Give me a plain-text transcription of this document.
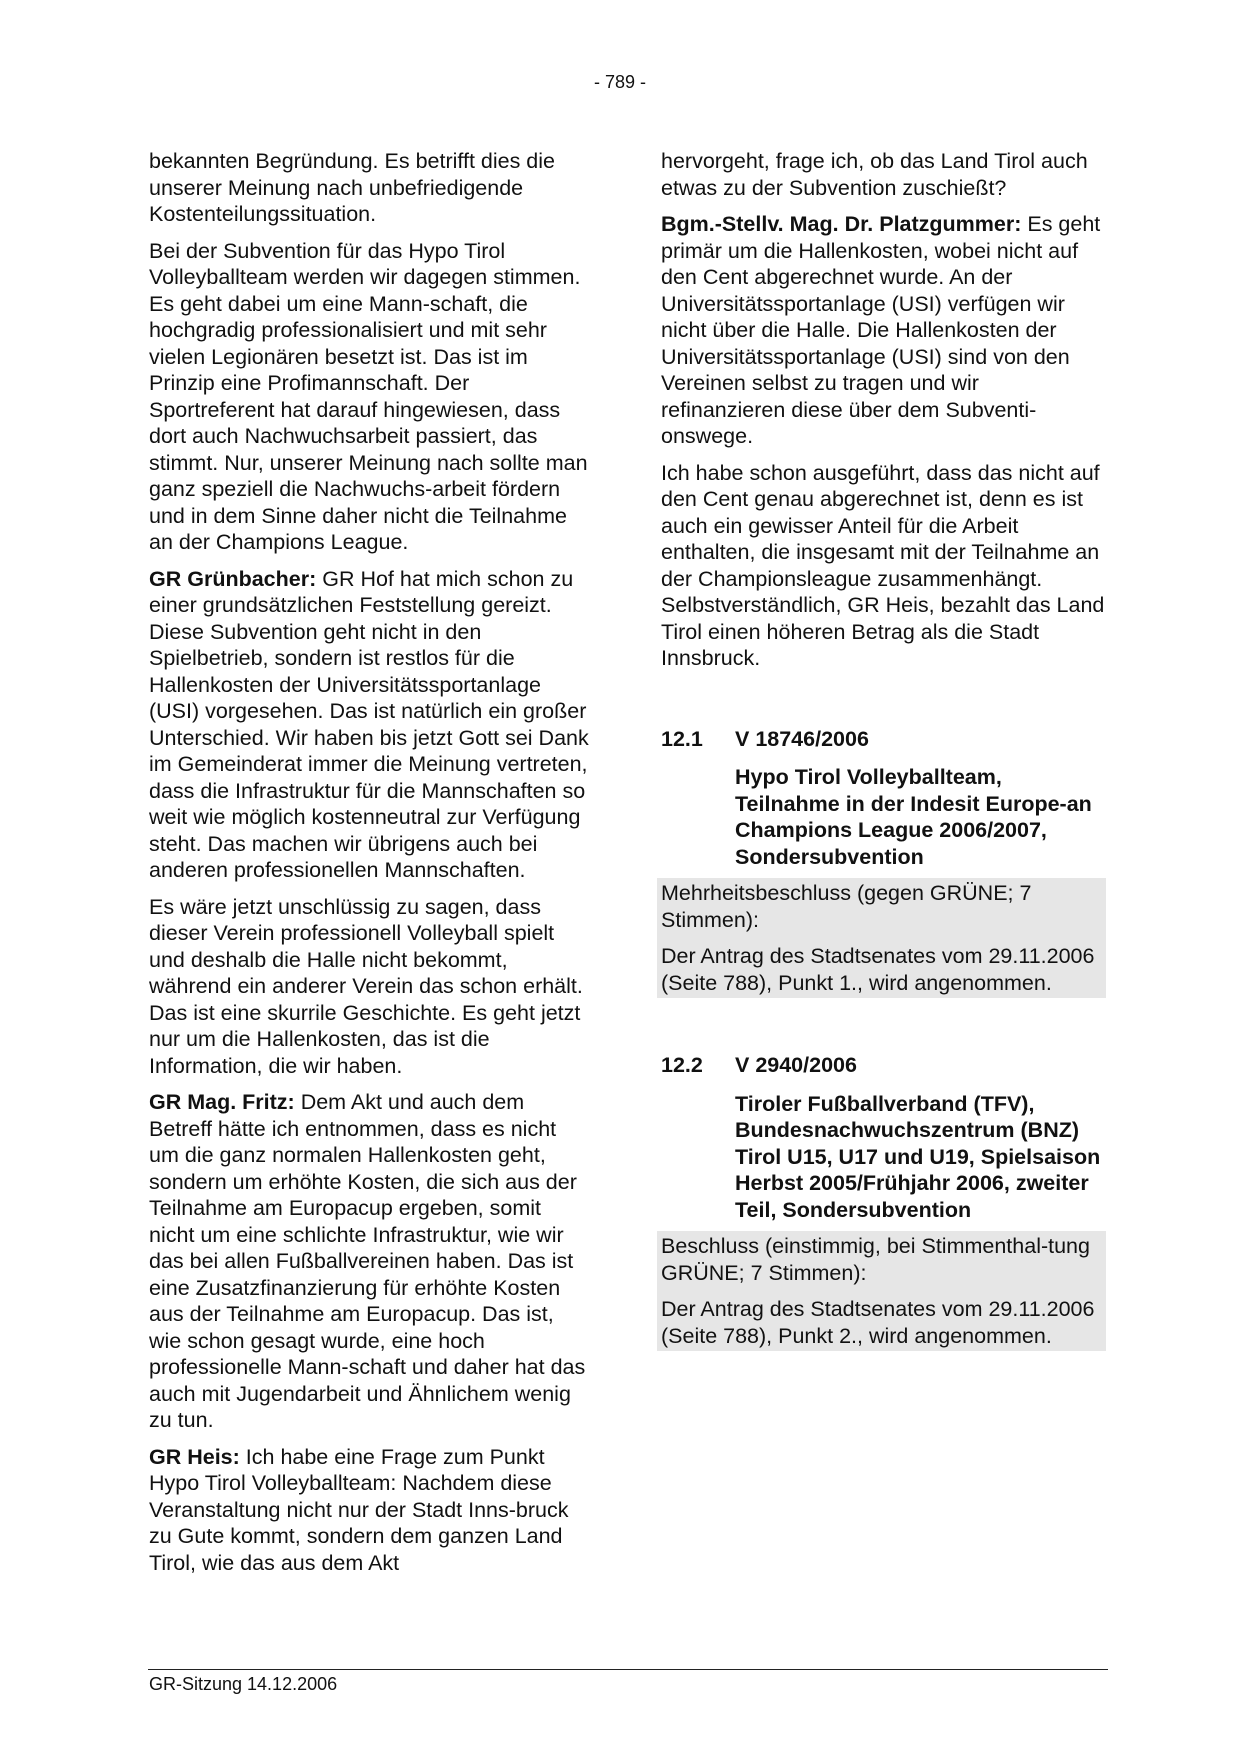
- 789 -

bekannten Begründung. Es betrifft dies die unserer Meinung nach unbefriedigende Kostenteilungssituation.

Bei der Subvention für das Hypo Tirol Volleyballteam werden wir dagegen stimmen. Es geht dabei um eine Mann-schaft, die hochgradig professionalisiert und mit sehr vielen Legionären besetzt ist. Das ist im Prinzip eine Profimannschaft. Der Sportreferent hat darauf hingewiesen, dass dort auch Nachwuchsarbeit passiert, das stimmt. Nur, unserer Meinung nach sollte man ganz speziell die Nachwuchs-arbeit fördern und in dem Sinne daher nicht die Teilnahme an der Champions League.

GR Grünbacher: GR Hof hat mich schon zu einer grundsätzlichen Feststellung gereizt. Diese Subvention geht nicht in den Spielbetrieb, sondern ist restlos für die Hallenkosten der Universitätssportanlage (USI) vorgesehen. Das ist natürlich ein großer Unterschied. Wir haben bis jetzt Gott sei Dank im Gemeinderat immer die Meinung vertreten, dass die Infrastruktur für die Mannschaften so weit wie möglich kostenneutral zur Verfügung steht. Das machen wir übrigens auch bei anderen professionellen Mannschaften.

Es wäre jetzt unschlüssig zu sagen, dass dieser Verein professionell Volleyball spielt und deshalb die Halle nicht bekommt, während ein anderer Verein das schon erhält. Das ist eine skurrile Geschichte. Es geht jetzt nur um die Hallenkosten, das ist die Information, die wir haben.

GR Mag. Fritz: Dem Akt und auch dem Betreff hätte ich entnommen, dass es nicht um die ganz normalen Hallenkosten geht, sondern um erhöhte Kosten, die sich aus der Teilnahme am Europacup ergeben, somit nicht um eine schlichte Infrastruktur, wie wir das bei allen Fußballvereinen haben. Das ist eine Zusatzfinanzierung für erhöhte Kosten aus der Teilnahme am Europacup. Das ist, wie schon gesagt wurde, eine hoch professionelle Mann-schaft und daher hat das auch mit Jugendarbeit und Ähnlichem wenig zu tun.

GR Heis: Ich habe eine Frage zum Punkt Hypo Tirol Volleyballteam: Nachdem diese Veranstaltung nicht nur der Stadt Inns-bruck zu Gute kommt, sondern dem ganzen Land Tirol, wie das aus dem Akt

hervorgeht, frage ich, ob das Land Tirol auch etwas zu der Subvention zuschießt?

Bgm.-Stellv. Mag. Dr. Platzgummer: Es geht primär um die Hallenkosten, wobei nicht auf den Cent abgerechnet wurde. An der Universitätssportanlage (USI) verfügen wir nicht über die Halle. Die Hallenkosten der Universitätssportanlage (USI) sind von den Vereinen selbst zu tragen und wir refinanzieren diese über dem Subventi-onswege.

Ich habe schon ausgeführt, dass das nicht auf den Cent genau abgerechnet ist, denn es ist auch ein gewisser Anteil für die Arbeit enthalten, die insgesamt mit der Teilnahme an der Championsleague zusammenhängt. Selbstverständlich, GR Heis, bezahlt das Land Tirol einen höheren Betrag als die Stadt Innsbruck.

12.1	V 18746/2006
Hypo Tirol Volleyballteam, Teilnahme in der Indesit Europe-an Champions League 2006/2007, Sondersubvention

Mehrheitsbeschluss (gegen GRÜNE; 7 Stimmen):

Der Antrag des Stadtsenates vom 29.11.2006 (Seite 788), Punkt 1., wird angenommen.

12.2	V 2940/2006
Tiroler Fußballverband (TFV), Bundesnachwuchszentrum (BNZ) Tirol U15, U17 und U19, Spielsaison Herbst 2005/Frühjahr 2006, zweiter Teil, Sondersubvention

Beschluss (einstimmig, bei Stimmenthal-tung GRÜNE; 7 Stimmen):

Der Antrag des Stadtsenates vom 29.11.2006 (Seite 788), Punkt 2., wird angenommen.

GR-Sitzung 14.12.2006
